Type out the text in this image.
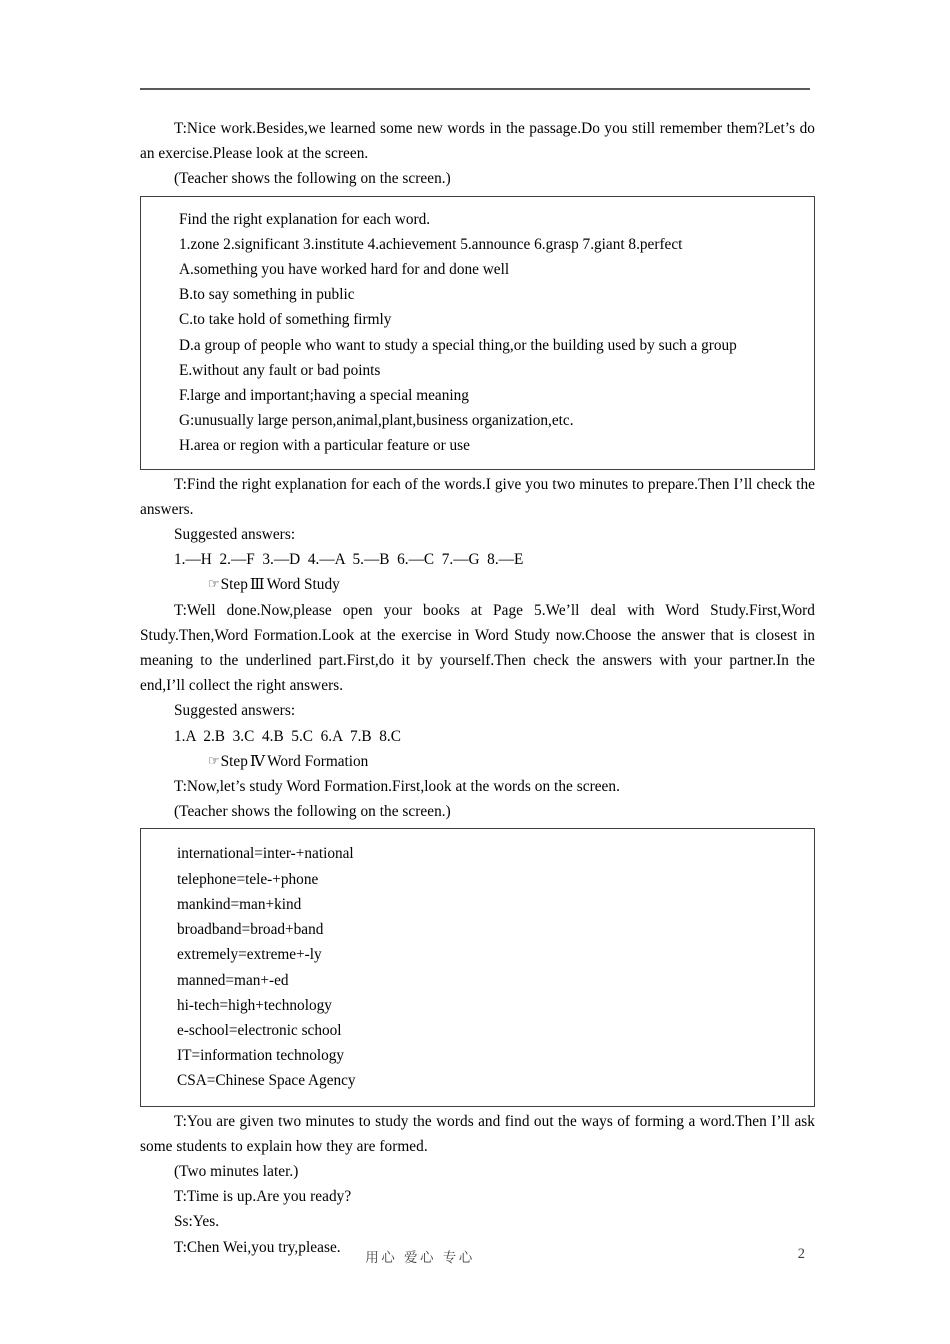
T:Nice work.Besides,we learned some new words in the passage.Do you still remember them?Let’s do an exercise.Please look at the screen.

(Teacher shows the following on the screen.)

Find the right explanation for each word.

1.zone 2.significant 3.institute 4.achievement 5.announce 6.grasp 7.giant 8.perfect

A.something you have worked hard for and done well

B.to say something in public

C.to take hold of something firmly

D.a group of people who want to study a special thing,or the building used by such a group

E.without any fault or bad points

F.large and important;having a special meaning

G:unusually large person,animal,plant,business organization,etc.

H.area or region with a particular feature or use

T:Find the right explanation for each of the words.I give you two minutes to prepare.Then I’ll check the answers.

Suggested answers:

1.—H  2.—F  3.—D  4.—A  5.—B  6.—C  7.—G  8.—E

☞Step Ⅲ Word Study

T:Well done.Now,please open your books at Page 5.We’ll deal with Word Study.First,Word Study.Then,Word Formation.Look at the exercise in Word Study now.Choose the answer that is closest in meaning to the underlined part.First,do it by yourself.Then check the answers with your partner.In the end,I’ll collect the right answers.

Suggested answers:

1.A  2.B  3.C  4.B  5.C  6.A  7.B  8.C

☞Step Ⅳ Word Formation

T:Now,let’s study Word Formation.First,look at the words on the screen.

(Teacher shows the following on the screen.)

international=inter-+national

telephone=tele-+phone

mankind=man+kind

broadband=broad+band

extremely=extreme+-ly

manned=man+-ed

hi-tech=high+technology

e-school=electronic school

IT=information technology

CSA=Chinese Space Agency

T:You are given two minutes to study the words and find out the ways of forming a word.Then I’ll ask some students to explain how they are formed.

(Two minutes later.)

T:Time is up.Are you ready?

Ss:Yes.

T:Chen Wei,you try,please.

用心 爱心 专心	2
